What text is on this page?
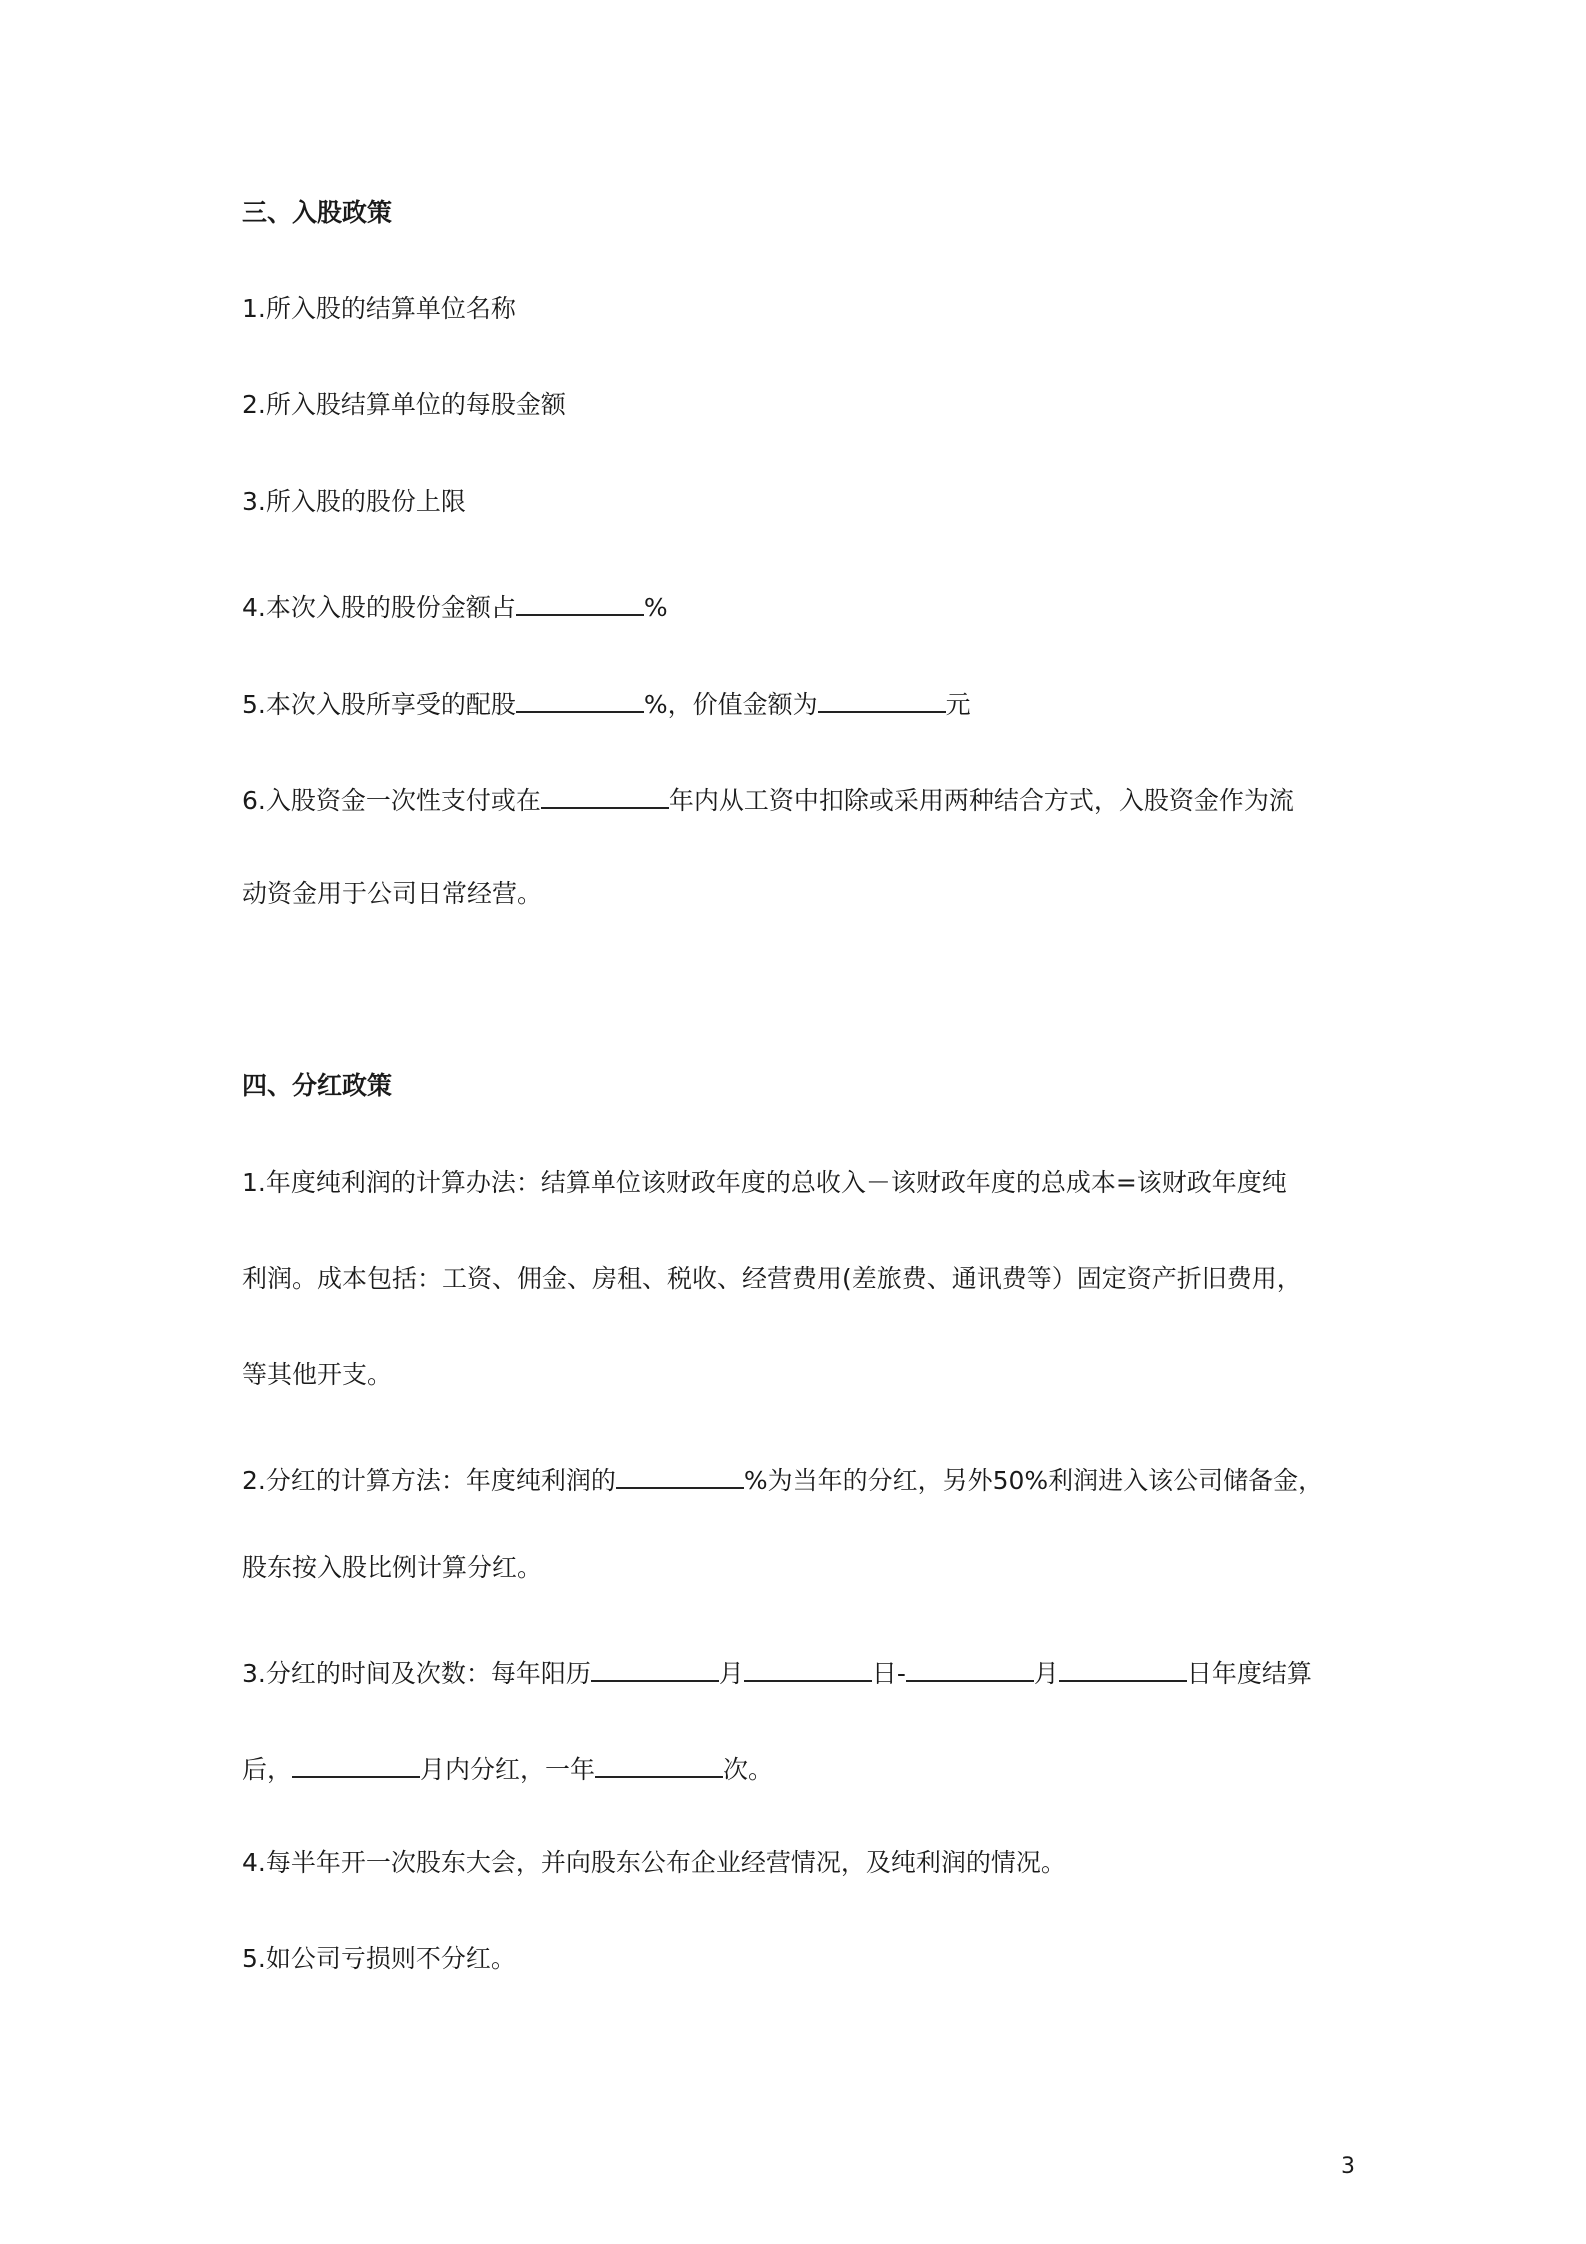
三、入股政策
1.所入股的结算单位名称
2.所入股结算单位的每股金额
3.所入股的股份上限
4.本次入股的股份金额占	%
5.本次入股所享受的配股	%，价值金额为	元
6.入股资金一次性支付或在	年内从工资中扣除或采用两种结合方式，入股资金作为流
动资金用于公司日常经营。
四、分红政策
1.年度纯利润的计算办法：结算单位该财政年度的总收入－该财政年度的总成本=该财政年度纯
利润。成本包括：工资、佣金、房租、税收、经营费用(差旅费、通讯费等）固定资产折旧费用，
等其他开支。
2.分红的计算方法：年度纯利润的	%为当年的分红，另外50%利润进入该公司储备金，
股东按入股比例计算分红。
3.分红的时间及次数：每年阳历	月	日-	月	日年度结算
后，	月内分红，一年	次。
4.每半年开一次股东大会，并向股东公布企业经营情况，及纯利润的情况。
5.如公司亏损则不分红。
3
